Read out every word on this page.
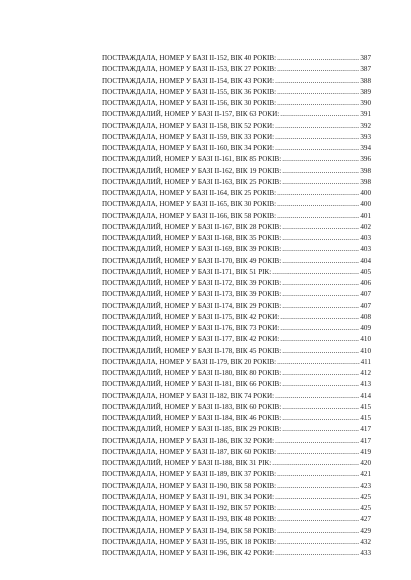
ПОСТРАЖДАЛА, НОМЕР У БАЗІ ІІ-152, ВІК 40 РОКІВ: .....	387
ПОСТРАЖДАЛА, НОМЕР У БАЗІ ІІ-153, ВІК 27 РОКІВ: .....	387
ПОСТРАЖДАЛА, НОМЕР У БАЗІ ІІ-154, ВІК 43 РОКИ: .....	388
ПОСТРАЖДАЛА, НОМЕР У БАЗІ ІІ-155, ВІК 36 РОКІВ: .....	389
ПОСТРАЖДАЛА, НОМЕР У БАЗІ ІІ-156, ВІК 30 РОКІВ: .....	390
ПОСТРАЖДАЛИЙ, НОМЕР У БАЗІ ІІ-157, ВІК 63 РОКИ: .....	391
ПОСТРАЖДАЛА, НОМЕР У БАЗІ ІІ-158, ВІК 52 РОКИ: .....	392
ПОСТРАЖДАЛА, НОМЕР У БАЗІ ІІ-159, ВІК 33 РОКИ: .....	393
ПОСТРАЖДАЛА, НОМЕР У БАЗІ ІІ-160, ВІК 34 РОКИ: .....	394
ПОСТРАЖДАЛИЙ, НОМЕР У БАЗІ ІІ-161, ВІК 85 РОКІВ: .....	396
ПОСТРАЖДАЛИЙ, НОМЕР У БАЗІ ІІ-162, ВІК 19 РОКІВ: .....	398
ПОСТРАЖДАЛИЙ, НОМЕР У БАЗІ ІІ-163, ВІК 25 РОКІВ: .....	398
ПОСТРАЖДАЛА, НОМЕР У БАЗІ ІІ-164, ВІК 25 РОКІВ: .....	400
ПОСТРАЖДАЛА, НОМЕР У БАЗІ ІІ-165, ВІК 30 РОКІВ: .....	400
ПОСТРАЖДАЛА, НОМЕР У БАЗІ ІІ-166, ВІК 58 РОКІВ: .....	401
ПОСТРАЖДАЛИЙ, НОМЕР У БАЗІ ІІ-167, ВІК 28 РОКІВ: .....	402
ПОСТРАЖДАЛИЙ, НОМЕР У БАЗІ ІІ-168, ВІК 35 РОКІВ: .....	403
ПОСТРАЖДАЛИЙ, НОМЕР У БАЗІ ІІ-169, ВІК 39 РОКІВ: .....	403
ПОСТРАЖДАЛИЙ, НОМЕР У БАЗІ ІІ-170, ВІК 49 РОКІВ: .....	404
ПОСТРАЖДАЛИЙ, НОМЕР У БАЗІ ІІ-171, ВІК 51 РІК: .....	405
ПОСТРАЖДАЛИЙ, НОМЕР У БАЗІ ІІ-172, ВІК 39 РОКІВ: .....	406
ПОСТРАЖДАЛИЙ, НОМЕР У БАЗІ ІІ-173, ВІК 39 РОКІВ: .....	407
ПОСТРАЖДАЛИЙ, НОМЕР У БАЗІ ІІ-174, ВІК 29 РОКІВ: .....	407
ПОСТРАЖДАЛИЙ, НОМЕР У БАЗІ ІІ-175, ВІК 42 РОКИ: .....	408
ПОСТРАЖДАЛИЙ, НОМЕР У БАЗІ ІІ-176, ВІК 73 РОКИ: .....	409
ПОСТРАЖДАЛИЙ, НОМЕР У БАЗІ ІІ-177, ВІК 42 РОКИ: .....	410
ПОСТРАЖДАЛИЙ, НОМЕР У БАЗІ ІІ-178, ВІК 45 РОКІВ: .....	410
ПОСТРАЖДАЛА, НОМЕР У БАЗІ ІІ-179, ВІК 20 РОКІВ: .....	411
ПОСТРАЖДАЛИЙ, НОМЕР У БАЗІ ІІ-180, ВІК 80 РОКІВ: .....	412
ПОСТРАЖДАЛИЙ, НОМЕР У БАЗІ ІІ-181, ВІК 66 РОКІВ: .....	413
ПОСТРАЖДАЛА, НОМЕР У БАЗІ ІІ-182, ВІК 74 РОКИ: .....	414
ПОСТРАЖДАЛИЙ, НОМЕР У БАЗІ ІІ-183, ВІК 60 РОКІВ: .....	415
ПОСТРАЖДАЛИЙ, НОМЕР У БАЗІ ІІ-184, ВІК 46 РОКІВ: .....	415
ПОСТРАЖДАЛИЙ, НОМЕР У БАЗІ ІІ-185, ВІК 29 РОКІВ: .....	417
ПОСТРАЖДАЛА, НОМЕР У БАЗІ ІІ-186, ВІК 32 РОКИ: .....	417
ПОСТРАЖДАЛА, НОМЕР У БАЗІ ІІ-187, ВІК 60 РОКІВ: .....	419
ПОСТРАЖДАЛИЙ, НОМЕР У БАЗІ ІІ-188, ВІК 31 РІК: .....	420
ПОСТРАЖДАЛА, НОМЕР У БАЗІ ІІ-189, ВІК 37 РОКІВ: .....	421
ПОСТРАЖДАЛА, НОМЕР У БАЗІ ІІ-190, ВІК 58 РОКІВ: .....	423
ПОСТРАЖДАЛА, НОМЕР У БАЗІ ІІ-191, ВІК 34 РОКИ: .....	425
ПОСТРАЖДАЛА, НОМЕР У БАЗІ ІІ-192, ВІК 57 РОКІВ: .....	425
ПОСТРАЖДАЛА, НОМЕР У БАЗІ ІІ-193, ВІК 48 РОКІВ: .....	427
ПОСТРАЖДАЛА, НОМЕР У БАЗІ ІІ-194, ВІК 58 РОКІВ: .....	429
ПОСТРАЖДАЛА, НОМЕР У БАЗІ ІІ-195, ВІК 18 РОКІВ: .....	432
ПОСТРАЖДАЛА, НОМЕР У БАЗІ ІІ-196, ВІК 42 РОКИ: .....	433
